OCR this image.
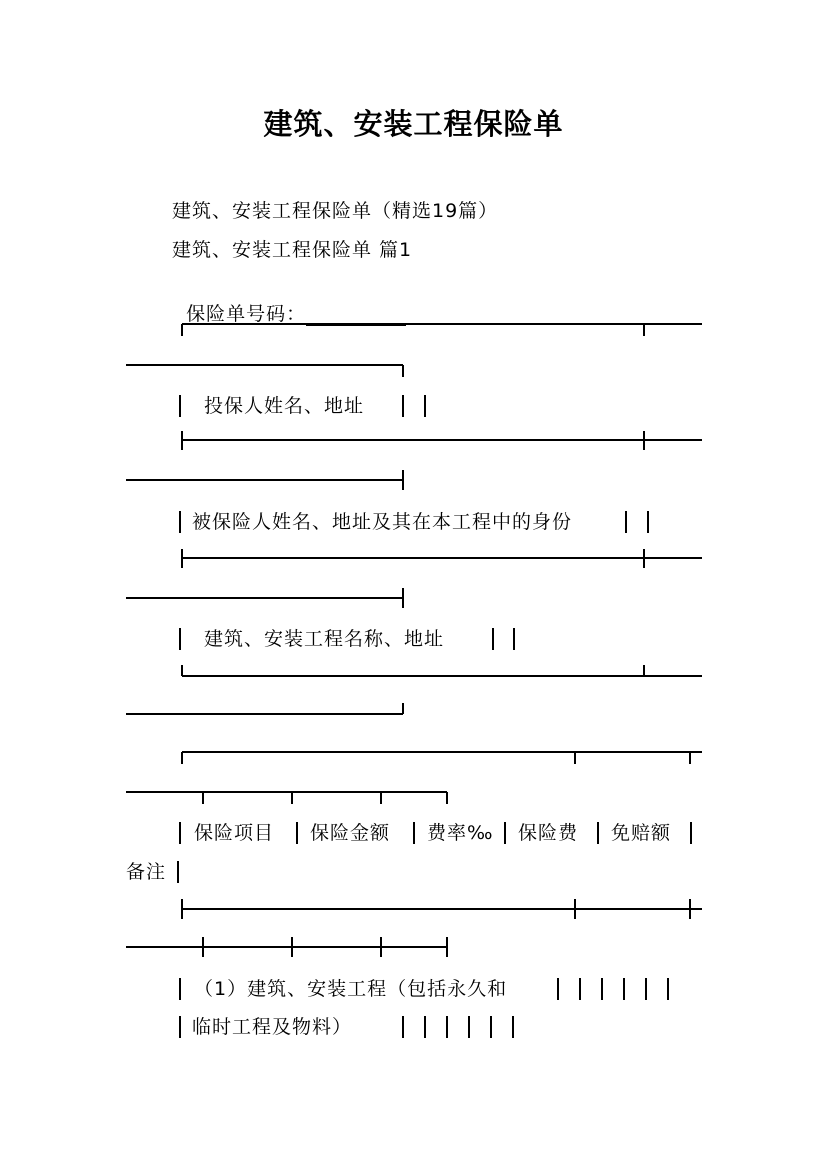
建筑、安装工程保险单
建筑、安装工程保险单（精选19篇）
建筑、安装工程保险单 篇1

保险单号码：

投保人姓名、地址
被保险人姓名、地址及其在本工程中的身份
建筑、安装工程名称、地址
保险项目 保险金额 费率‰ 保险费 免赔额
备注
（1）建筑、安装工程（包括永久和
临时工程及物料）
